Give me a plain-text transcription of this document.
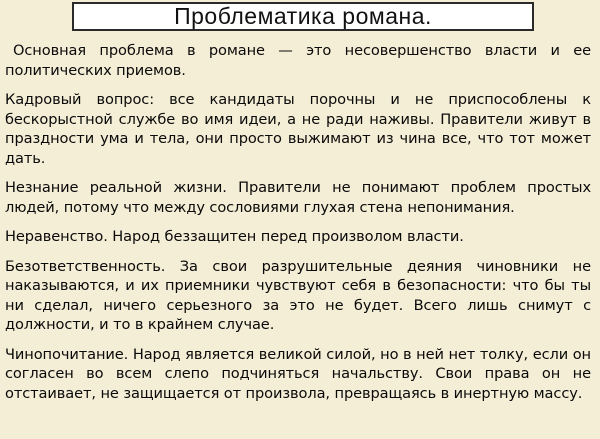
Проблематика романа.

Основная проблема в романе — это несовершенство власти и ее политических приемов.

Кадровый вопрос: все кандидаты порочны и не приспособлены к бескорыстной службе во имя идеи, а не ради наживы. Правители живут в праздности ума и тела, они просто выжимают из чина все, что тот может дать.

Незнание реальной жизни. Правители не понимают проблем простых людей, потому что между сословиями глухая стена непонимания.

Неравенство. Народ беззащитен перед произволом власти.

Безответственность. За свои разрушительные деяния чиновники не наказываются, и их приемники чувствуют себя в безопасности: что бы ты ни сделал, ничего серьезного за это не будет. Всего лишь снимут с должности, и то в крайнем случае.

Чинопочитание. Народ является великой силой, но в ней нет толку, если он согласен во всем слепо подчиняться начальству. Свои права он не отстаивает, не защищается от произвола, превращаясь в инертную массу.
